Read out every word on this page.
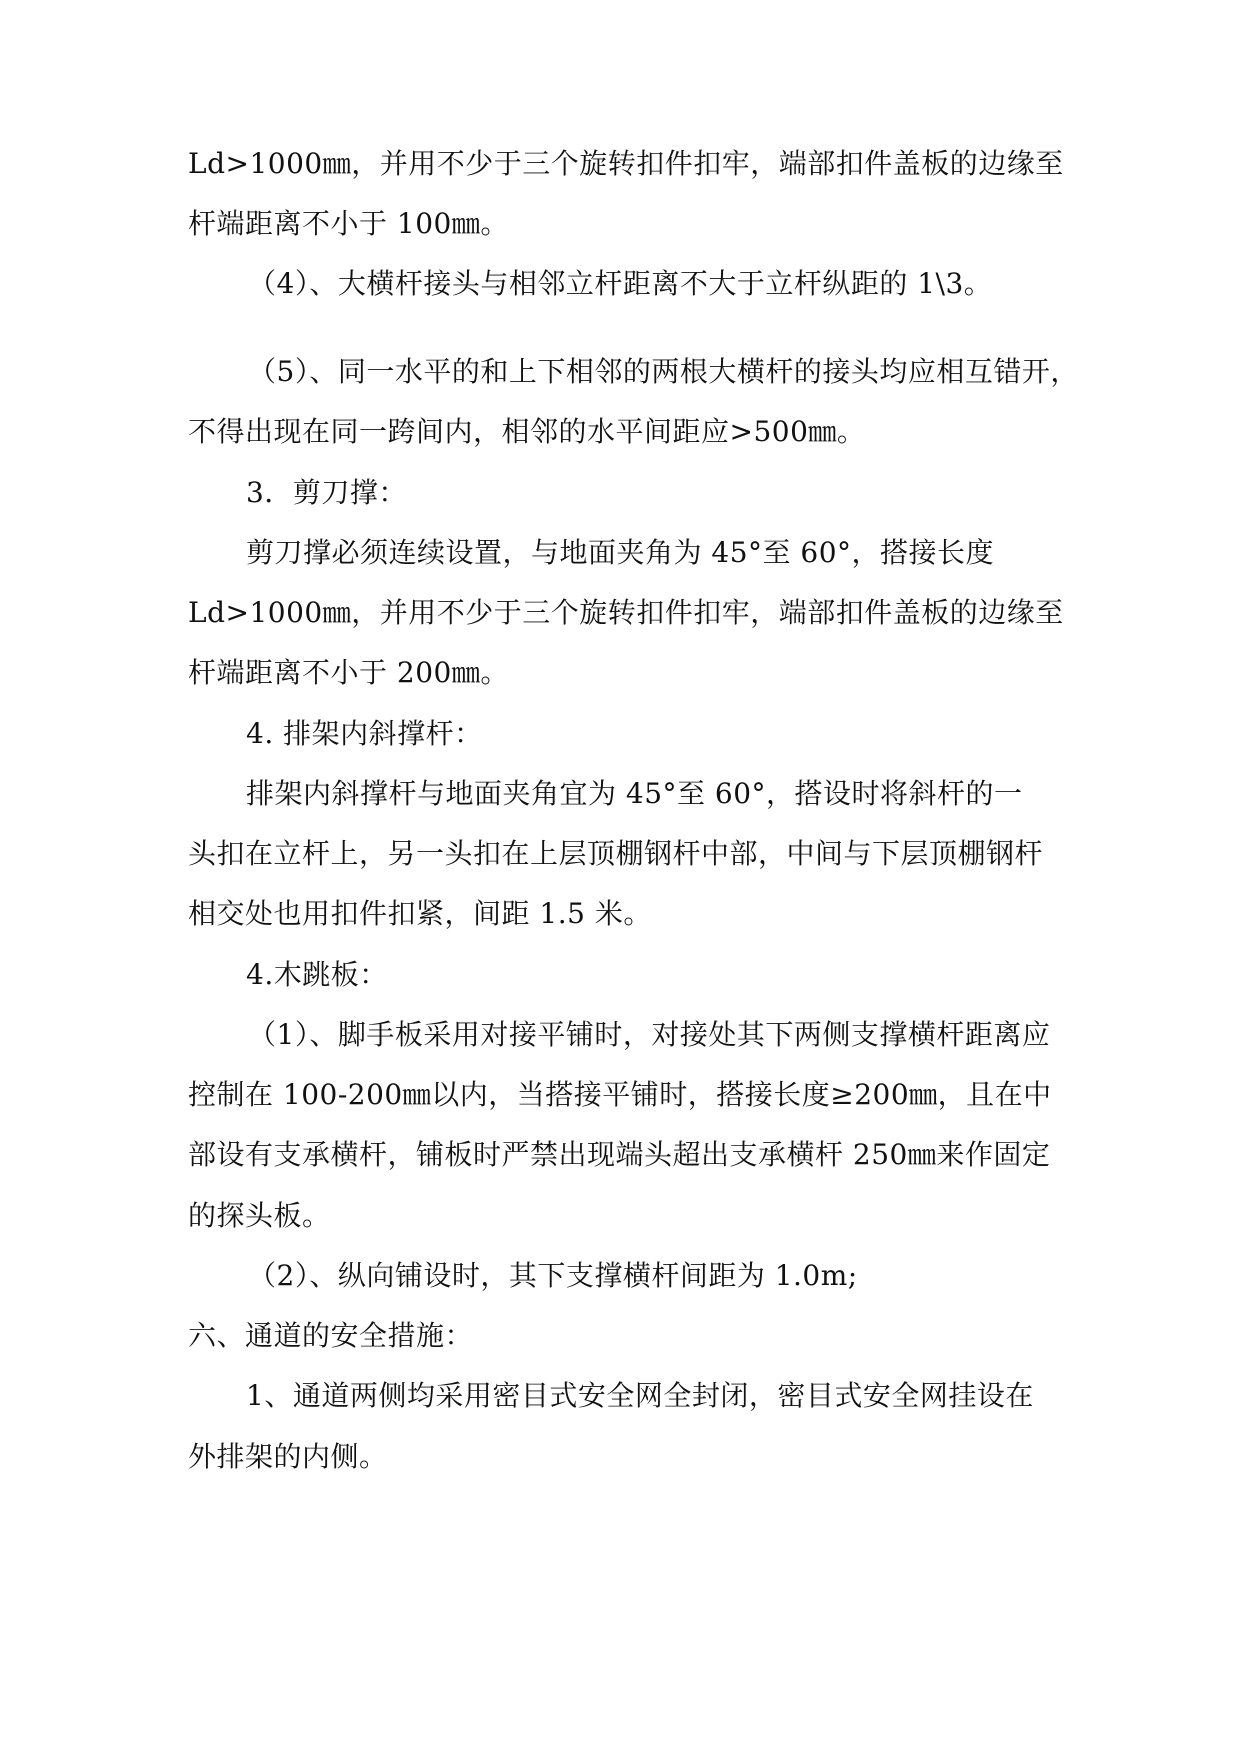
Ld>1000㎜，并用不少于三个旋转扣件扣牢，端部扣件盖板的边缘至
杆端距离不小于 100㎜。
（4）、大横杆接头与相邻立杆距离不大于立杆纵距的 1\3。
（5）、同一水平的和上下相邻的两根大横杆的接头均应相互错开，
不得出现在同一跨间内，相邻的水平间距应>500㎜。
3．剪刀撑：
剪刀撑必须连续设置，与地面夹角为 45°至 60°，搭接长度
Ld>1000㎜，并用不少于三个旋转扣件扣牢，端部扣件盖板的边缘至
杆端距离不小于 200㎜。
4. 排架内斜撑杆：
排架内斜撑杆与地面夹角宜为 45°至 60°，搭设时将斜杆的一
头扣在立杆上，另一头扣在上层顶棚钢杆中部，中间与下层顶棚钢杆
相交处也用扣件扣紧，间距 1.5 米。
4.木跳板：
（1）、脚手板采用对接平铺时，对接处其下两侧支撑横杆距离应
控制在 100-200㎜以内，当搭接平铺时，搭接长度≥200㎜，且在中
部设有支承横杆，铺板时严禁出现端头超出支承横杆 250㎜来作固定
的探头板。
（2）、纵向铺设时，其下支撑横杆间距为 1.0m;
六、通道的安全措施：
1、通道两侧均采用密目式安全网全封闭，密目式安全网挂设在
外排架的内侧。
